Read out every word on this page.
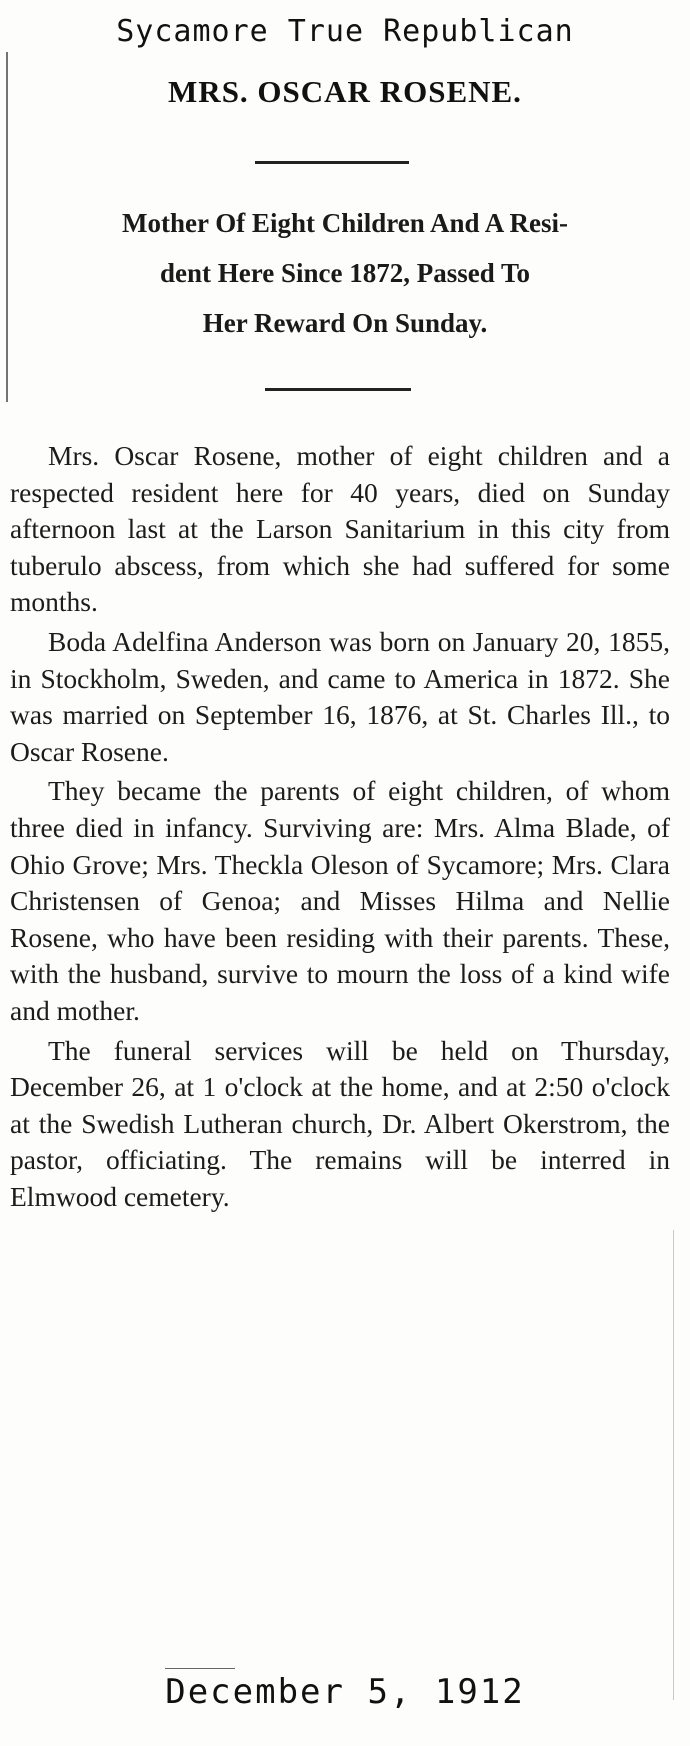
Sycamore True Republican
MRS. OSCAR ROSENE.
Mother Of Eight Children And A Resi-
dent Here Since 1872, Passed To
Her Reward On Sunday.

Mrs. Oscar Rosene, mother of eight children and a respected resident here for 40 years, died on Sunday afternoon last at the Larson Sanitarium in this city from tuberulo abscess, from which she had suffered for some months.

Boda Adelfina Anderson was born on January 20, 1855, in Stockholm, Sweden, and came to America in 1872. She was married on September 16, 1876, at St. Charles Ill., to Oscar Rosene.

They became the parents of eight children, of whom three died in infancy. Surviving are: Mrs. Alma Blade, of Ohio Grove; Mrs. Theckla Oleson of Sycamore; Mrs. Clara Christensen of Genoa; and Misses Hilma and Nellie Rosene, who have been residing with their parents. These, with the husband, survive to mourn the loss of a kind wife and mother.

The funeral services will be held on Thursday, December 26, at 1 o'clock at the home, and at 2:50 o'clock at the Swedish Lutheran church, Dr. Albert Okerstrom, the pastor, officiating. The remains will be interred in Elmwood cemetery.

December 5, 1912
